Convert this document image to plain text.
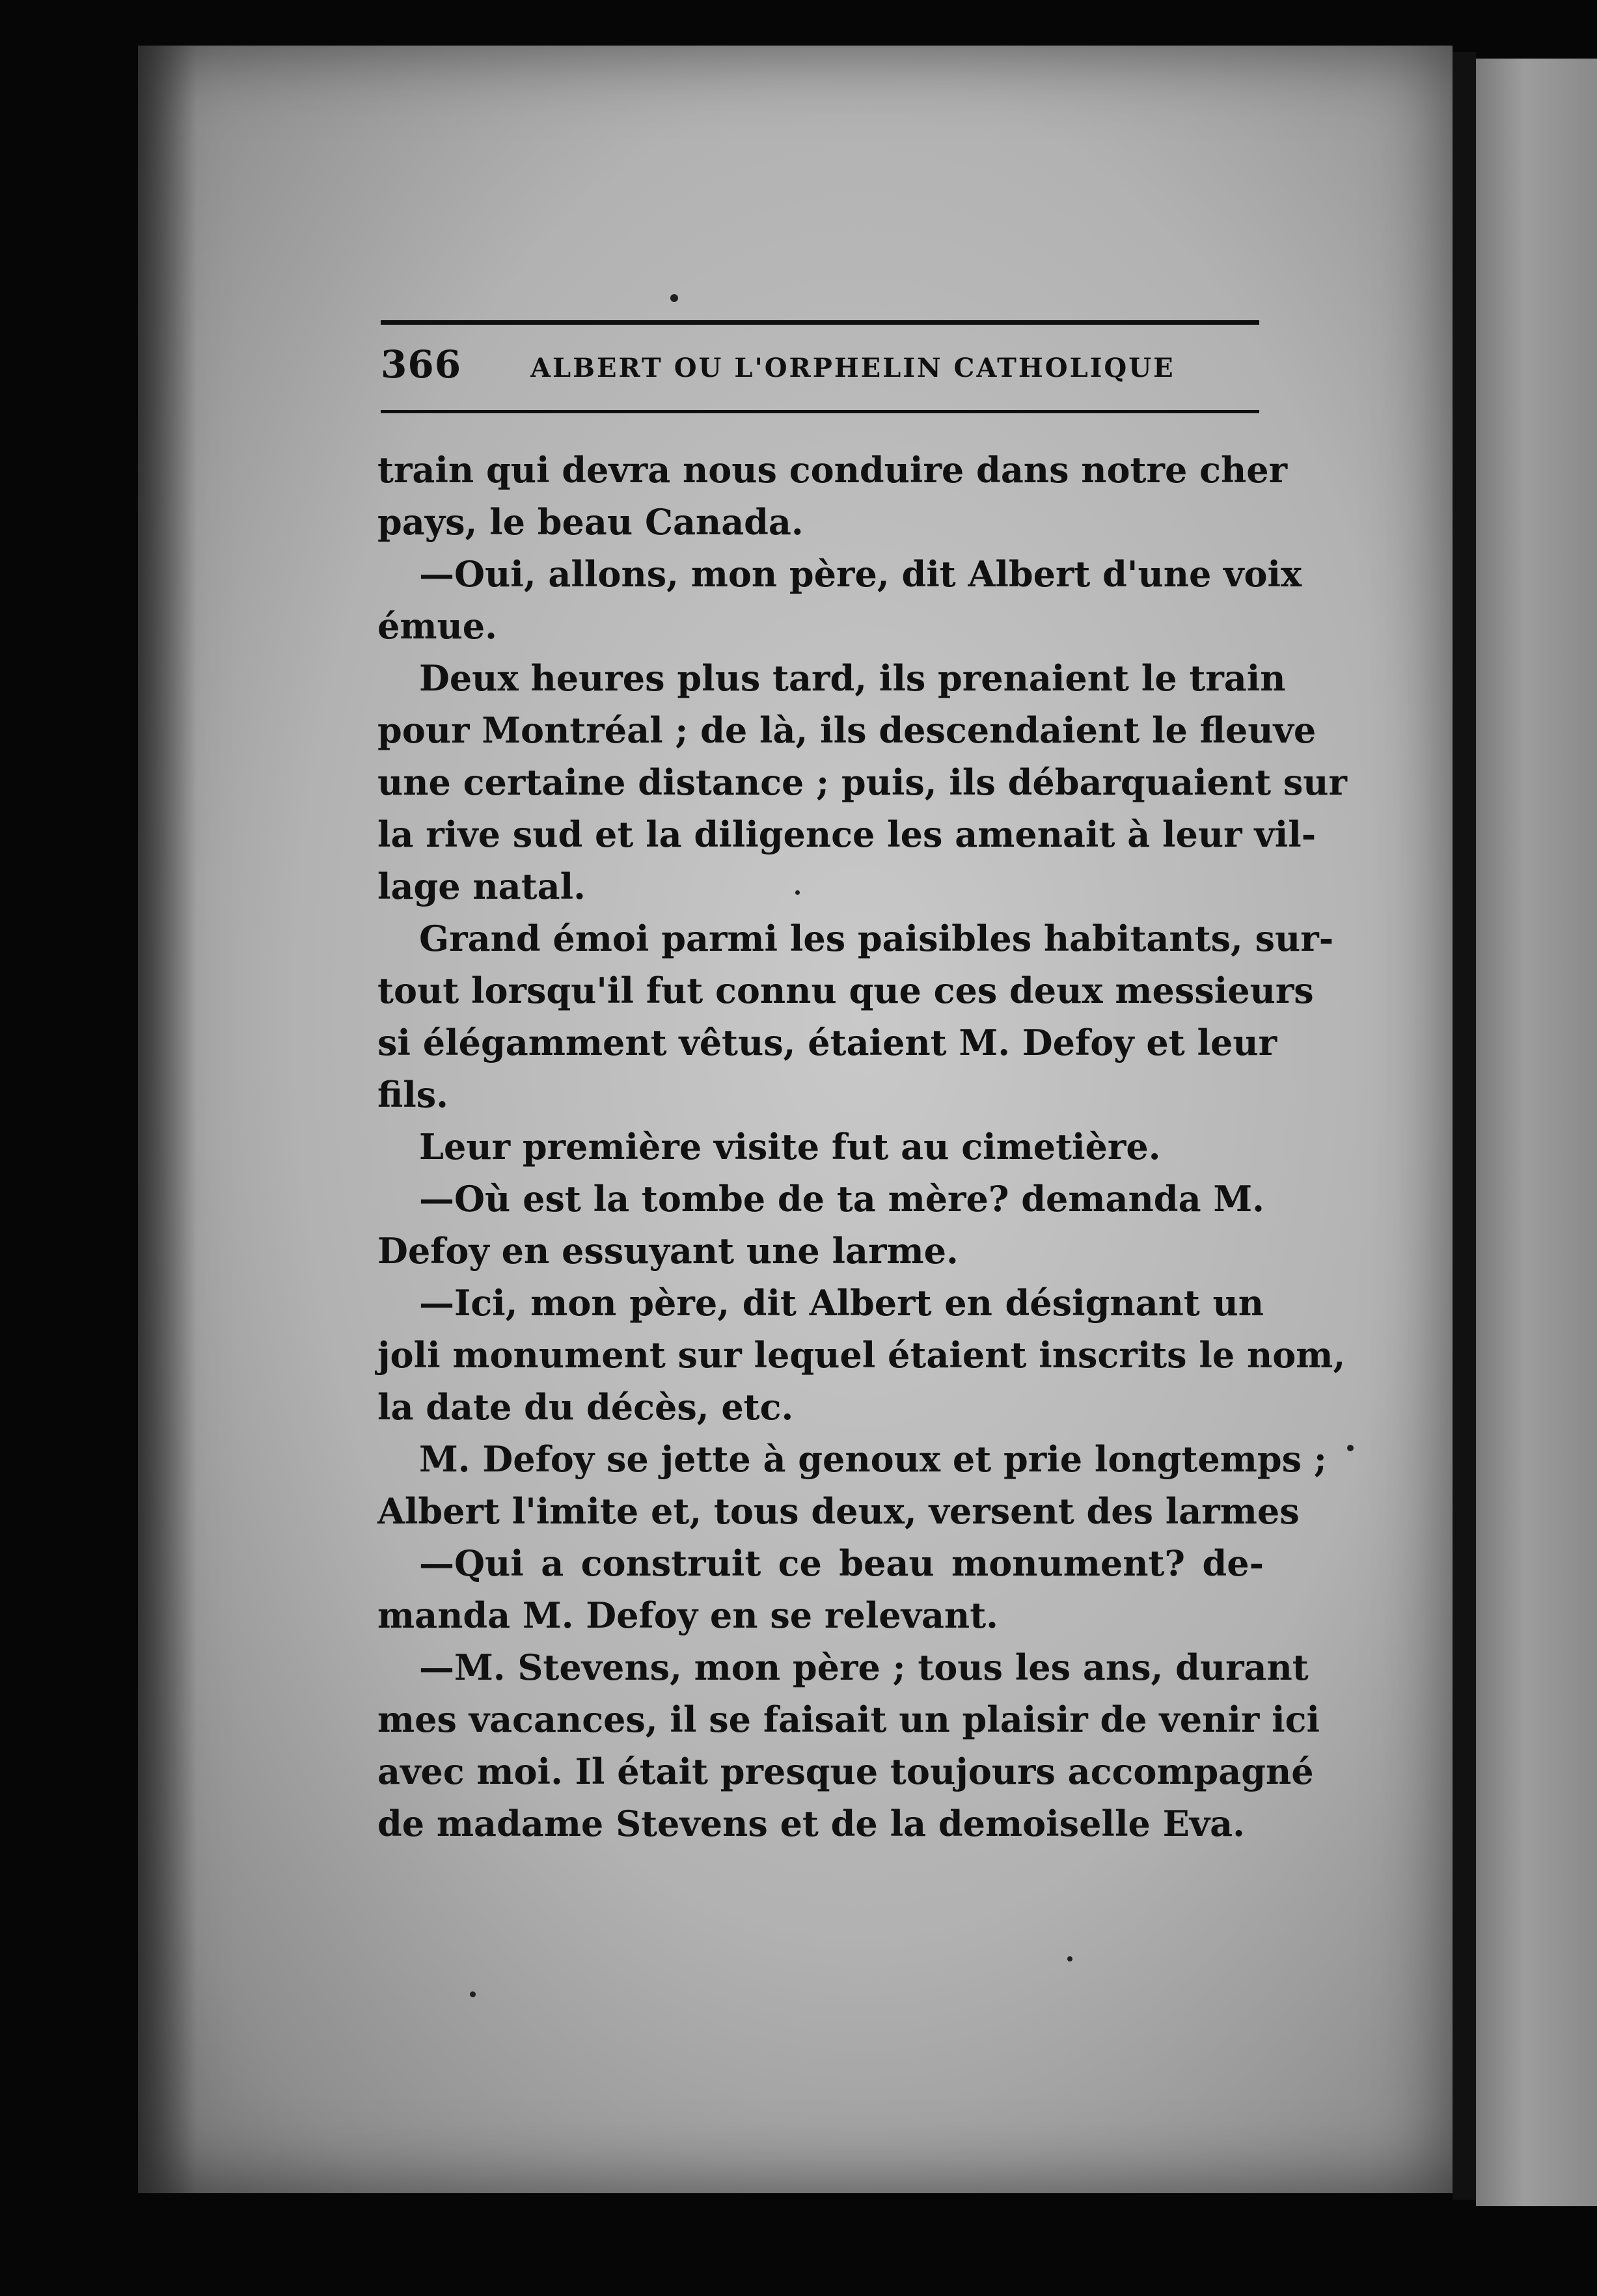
366	ALBERT OU L'ORPHELIN CATHOLIQUE
train qui devra nous conduire dans notre cher
pays, le beau Canada.
—Oui, allons, mon père, dit Albert d'une voix
émue.
Deux heures plus tard, ils prenaient le train
pour Montréal ; de là, ils descendaient le fleuve
une certaine distance ; puis, ils débarquaient sur
la rive sud et la diligence les amenait à leur vil-
lage natal.
Grand émoi parmi les paisibles habitants, sur-
tout lorsqu'il fut connu que ces deux messieurs
si élégamment vêtus, étaient M. Defoy et leur
fils.
Leur première visite fut au cimetière.
—Où est la tombe de ta mère? demanda M.
Defoy en essuyant une larme.
—Ici, mon père, dit Albert en désignant un
joli monument sur lequel étaient inscrits le nom,
la date du décès, etc.
M. Defoy se jette à genoux et prie longtemps ;
Albert l'imite et, tous deux, versent des larmes
—Qui a construit ce beau monument? de-
manda M. Defoy en se relevant.
—M. Stevens, mon père ; tous les ans, durant
mes vacances, il se faisait un plaisir de venir ici
avec moi. Il était presque toujours accompagné
de madame Stevens et de la demoiselle Eva.
